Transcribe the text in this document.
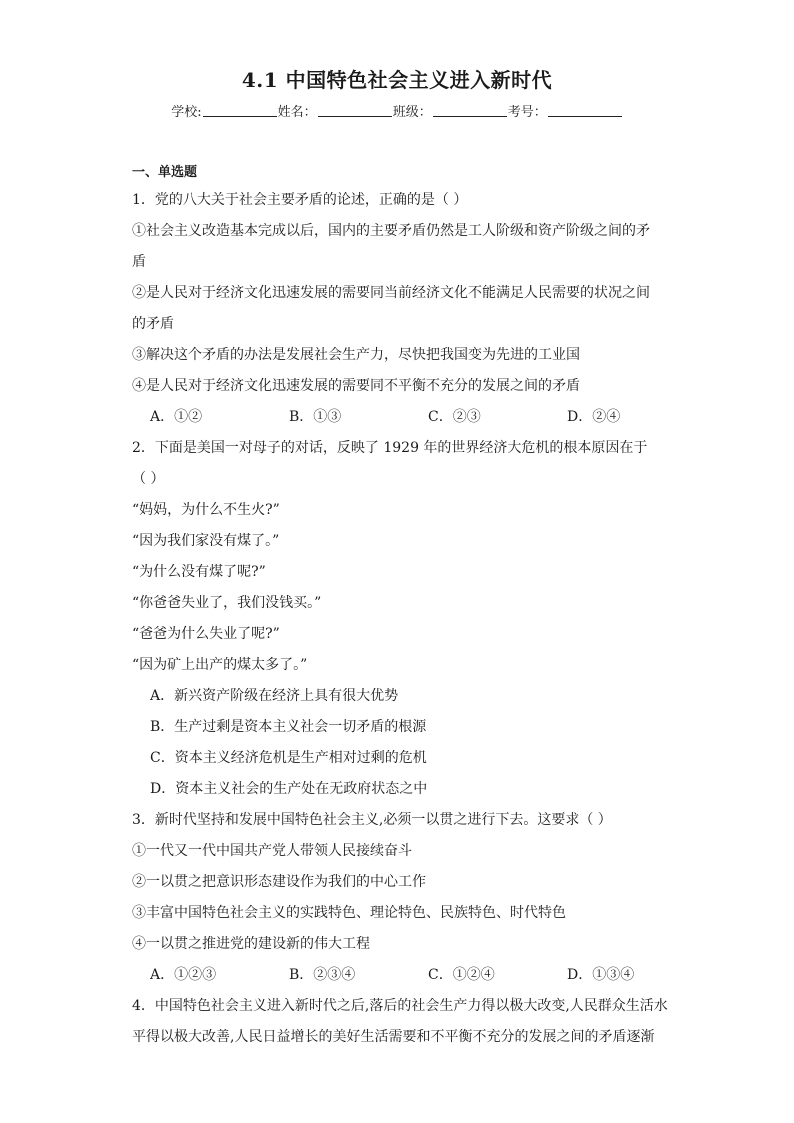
4.1 中国特色社会主义进入新时代
学校:	姓名：	班级：	考号：
一、单选题
1．党的八大关于社会主要矛盾的论述，正确的是（ ）
①社会主义改造基本完成以后，国内的主要矛盾仍然是工人阶级和资产阶级之间的矛
盾
②是人民对于经济文化迅速发展的需要同当前经济文化不能满足人民需要的状况之间
的矛盾
③解决这个矛盾的办法是发展社会生产力，尽快把我国变为先进的工业国
④是人民对于经济文化迅速发展的需要同不平衡不充分的发展之间的矛盾
A．①②	B．①③	C．②③	D．②④
2．下面是美国一对母子的对话，反映了 1929 年的世界经济大危机的根本原因在于
（ ）
“妈妈，为什么不生火?”
“因为我们家没有煤了。”
“为什么没有煤了呢?”
“你爸爸失业了，我们没钱买。”
“爸爸为什么失业了呢?”
“因为矿上出产的煤太多了。”
A．新兴资产阶级在经济上具有很大优势
B．生产过剩是资本主义社会一切矛盾的根源
C．资本主义经济危机是生产相对过剩的危机
D．资本主义社会的生产处在无政府状态之中
3．新时代坚持和发展中国特色社会主义,必须一以贯之进行下去。这要求（ ）
①一代又一代中国共产党人带领人民接续奋斗
②一以贯之把意识形态建设作为我们的中心工作
③丰富中国特色社会主义的实践特色、理论特色、民族特色、时代特色
④一以贯之推进党的建设新的伟大工程
A．①②③	B．②③④	C．①②④	D．①③④
4．中国特色社会主义进入新时代之后,落后的社会生产力得以极大改变,人民群众生活水
平得以极大改善,人民日益增长的美好生活需要和不平衡不充分的发展之间的矛盾逐渐
